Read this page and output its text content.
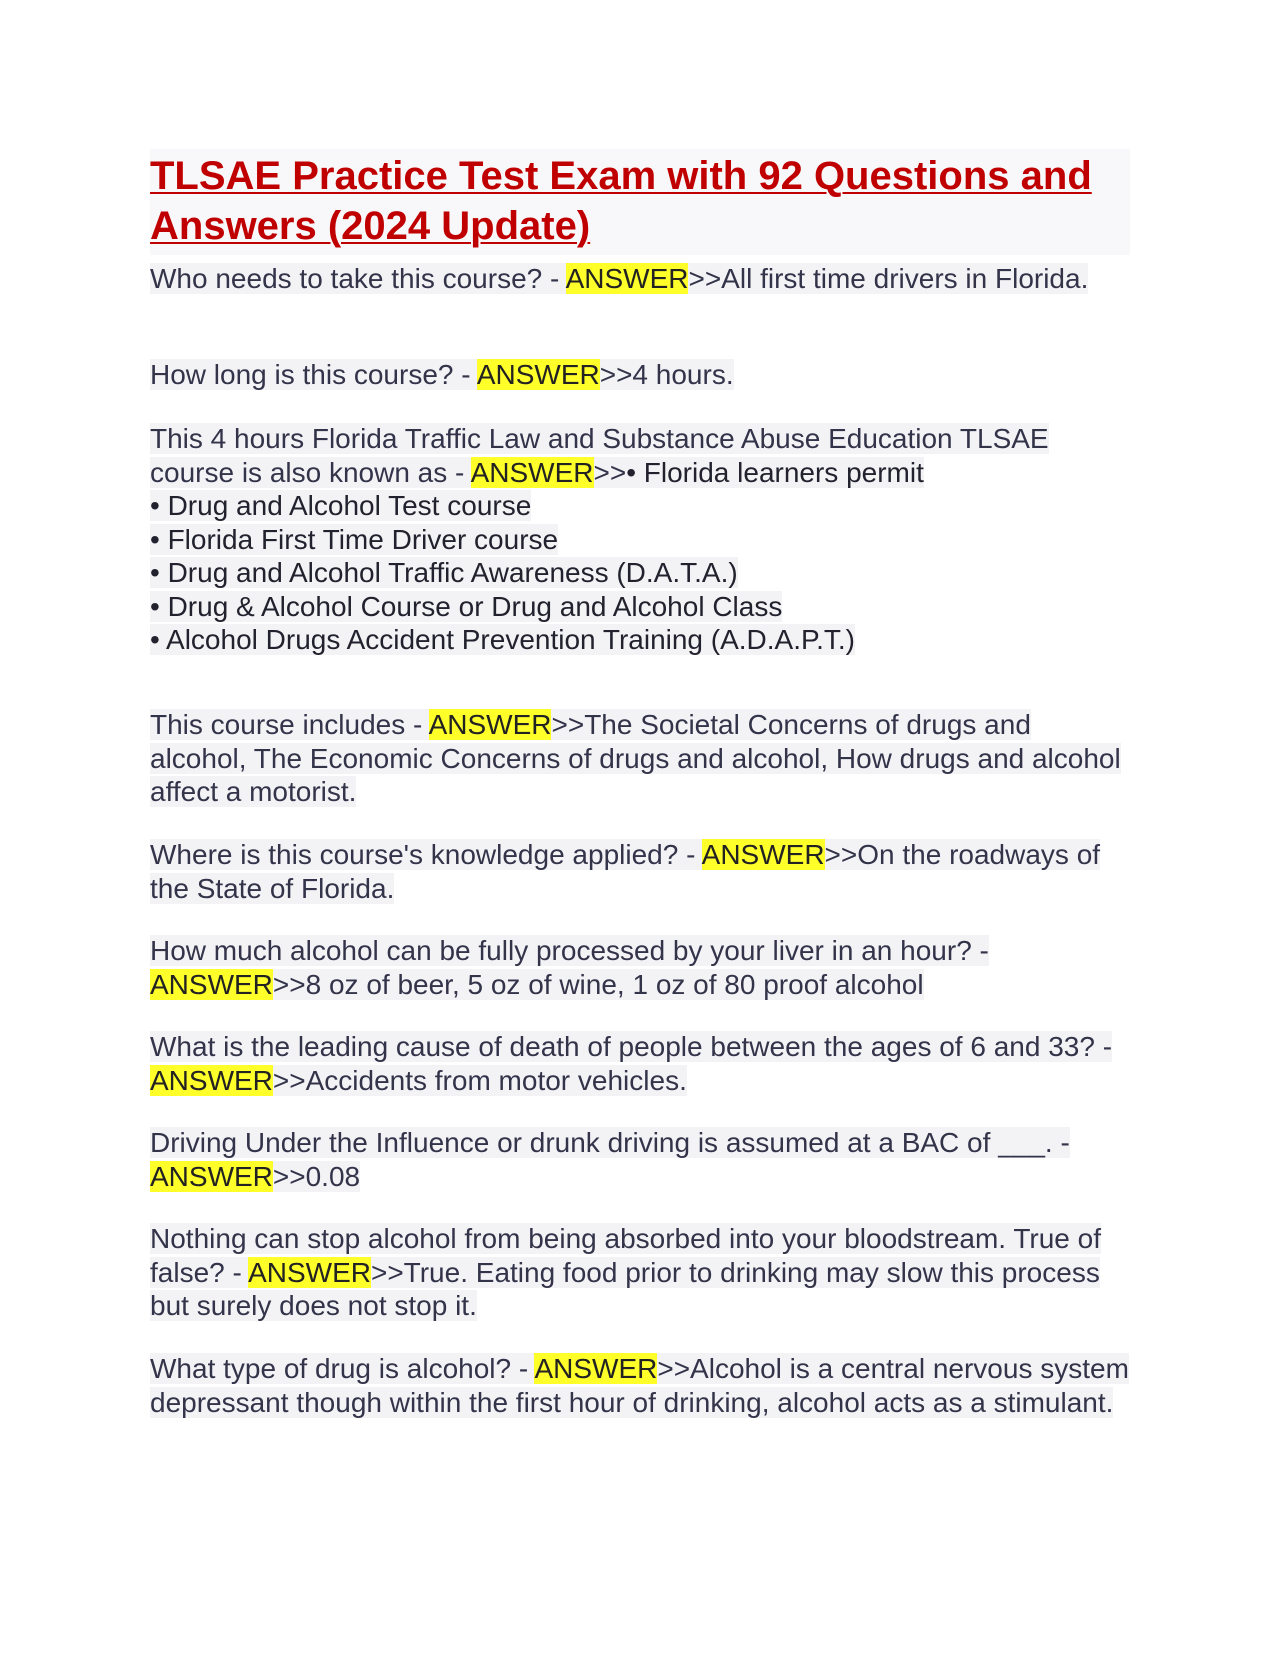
TLSAE Practice Test Exam with 92 Questions and Answers (2024 Update)

Who needs to take this course? - ANSWER>>All first time drivers in Florida.

How long is this course? - ANSWER>>4 hours.

This 4 hours Florida Traffic Law and Substance Abuse Education TLSAE course is also known as - ANSWER>>• Florida learners permit
• Drug and Alcohol Test course
• Florida First Time Driver course
• Drug and Alcohol Traffic Awareness (D.A.T.A.)
• Drug & Alcohol Course or Drug and Alcohol Class
• Alcohol Drugs Accident Prevention Training (A.D.A.P.T.)

This course includes - ANSWER>>The Societal Concerns of drugs and alcohol, The Economic Concerns of drugs and alcohol, How drugs and alcohol affect a motorist.

Where is this course's knowledge applied? - ANSWER>>On the roadways of the State of Florida.

How much alcohol can be fully processed by your liver in an hour? - ANSWER>>8 oz of beer, 5 oz of wine, 1 oz of 80 proof alcohol

What is the leading cause of death of people between the ages of 6 and 33? - ANSWER>>Accidents from motor vehicles.

Driving Under the Influence or drunk driving is assumed at a BAC of ___. - ANSWER>>0.08

Nothing can stop alcohol from being absorbed into your bloodstream. True of false? - ANSWER>>True. Eating food prior to drinking may slow this process but surely does not stop it.

What type of drug is alcohol? - ANSWER>>Alcohol is a central nervous system depressant though within the first hour of drinking, alcohol acts as a stimulant.
